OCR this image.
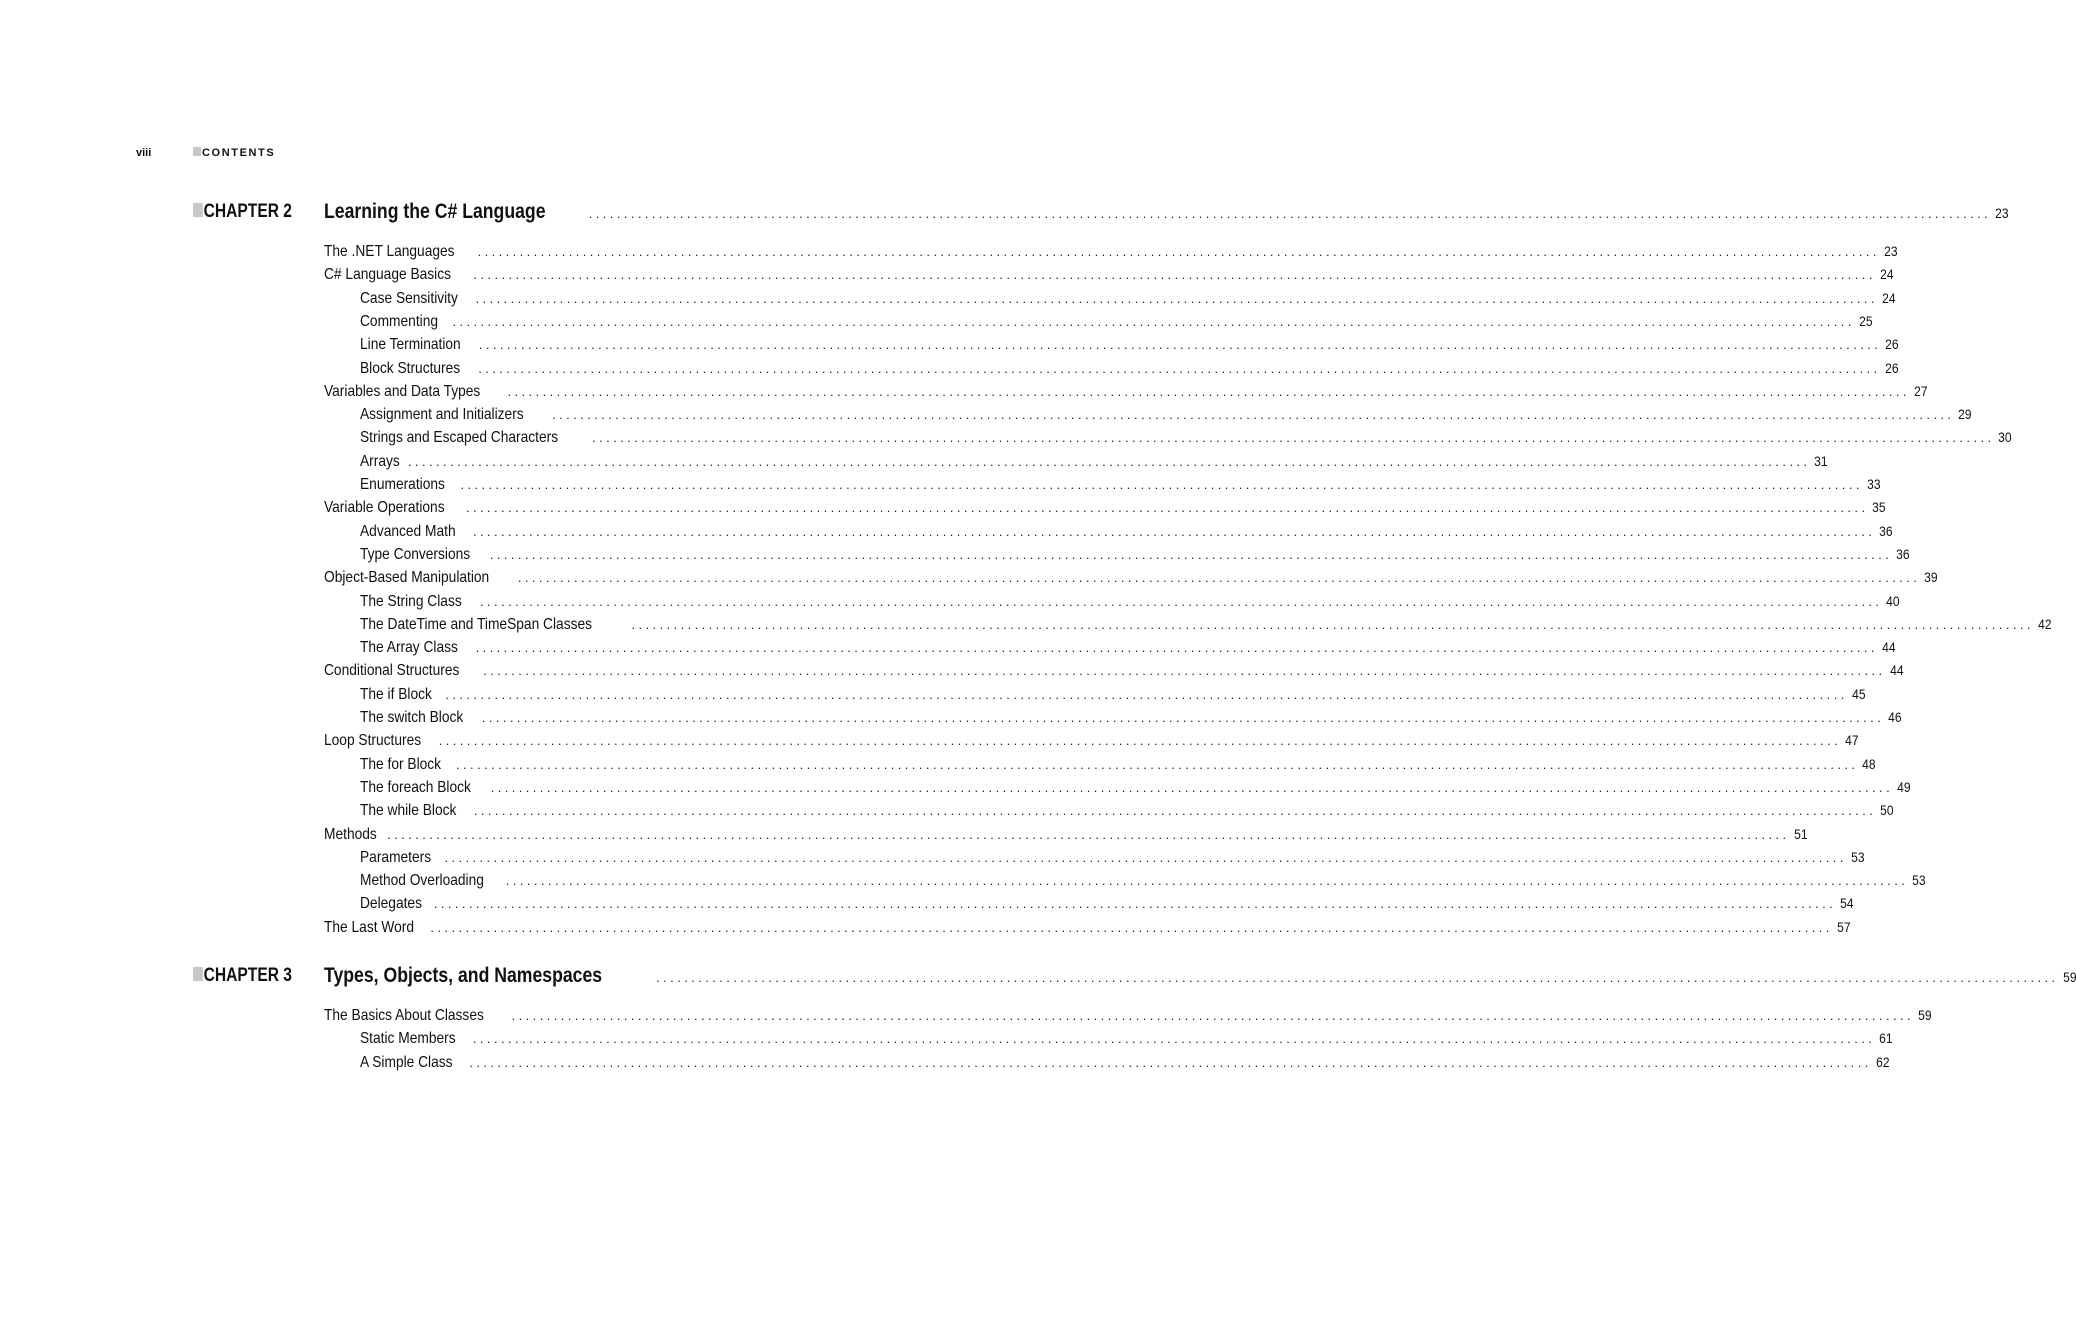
viii	CONTENTS
CHAPTER 2 Learning the C# Language	........................................................................................................................................................................................................ 23
The .NET Languages	........................................................................................................................................................................................................ 23
C# Language Basics	........................................................................................................................................................................................................ 24
Case Sensitivity	........................................................................................................................................................................................................ 24
Commenting	........................................................................................................................................................................................................ 25
Line Termination	........................................................................................................................................................................................................ 26
Block Structures	........................................................................................................................................................................................................ 26
Variables and Data Types	........................................................................................................................................................................................................ 27
Assignment and Initializers	........................................................................................................................................................................................................ 29
Strings and Escaped Characters	........................................................................................................................................................................................................ 30
Arrays ........................................................................................................................................................................................................ 31
Enumerations	........................................................................................................................................................................................................ 33
Variable Operations	........................................................................................................................................................................................................ 35
Advanced Math	........................................................................................................................................................................................................ 36
Type Conversions	........................................................................................................................................................................................................ 36
Object-Based Manipulation	........................................................................................................................................................................................................ 39
The String Class	........................................................................................................................................................................................................ 40
The DateTime and TimeSpan Classes	........................................................................................................................................................................................................ 42
The Array Class	........................................................................................................................................................................................................ 44
Conditional Structures	........................................................................................................................................................................................................ 44
The if Block	........................................................................................................................................................................................................ 45
The switch Block	........................................................................................................................................................................................................ 46
Loop Structures	........................................................................................................................................................................................................ 47
The for Block	........................................................................................................................................................................................................ 48
The foreach Block	........................................................................................................................................................................................................ 49
The while Block	........................................................................................................................................................................................................ 50
Methods ........................................................................................................................................................................................................ 51
Parameters	........................................................................................................................................................................................................ 53
Method Overloading	........................................................................................................................................................................................................ 53
Delegates ........................................................................................................................................................................................................ 54
The Last Word	........................................................................................................................................................................................................ 57
CHAPTER 3 Types, Objects, and Namespaces	........................................................................................................................................................................................................ 59
The Basics About Classes	........................................................................................................................................................................................................ 59
Static Members	........................................................................................................................................................................................................ 61
A Simple Class	........................................................................................................................................................................................................ 62
